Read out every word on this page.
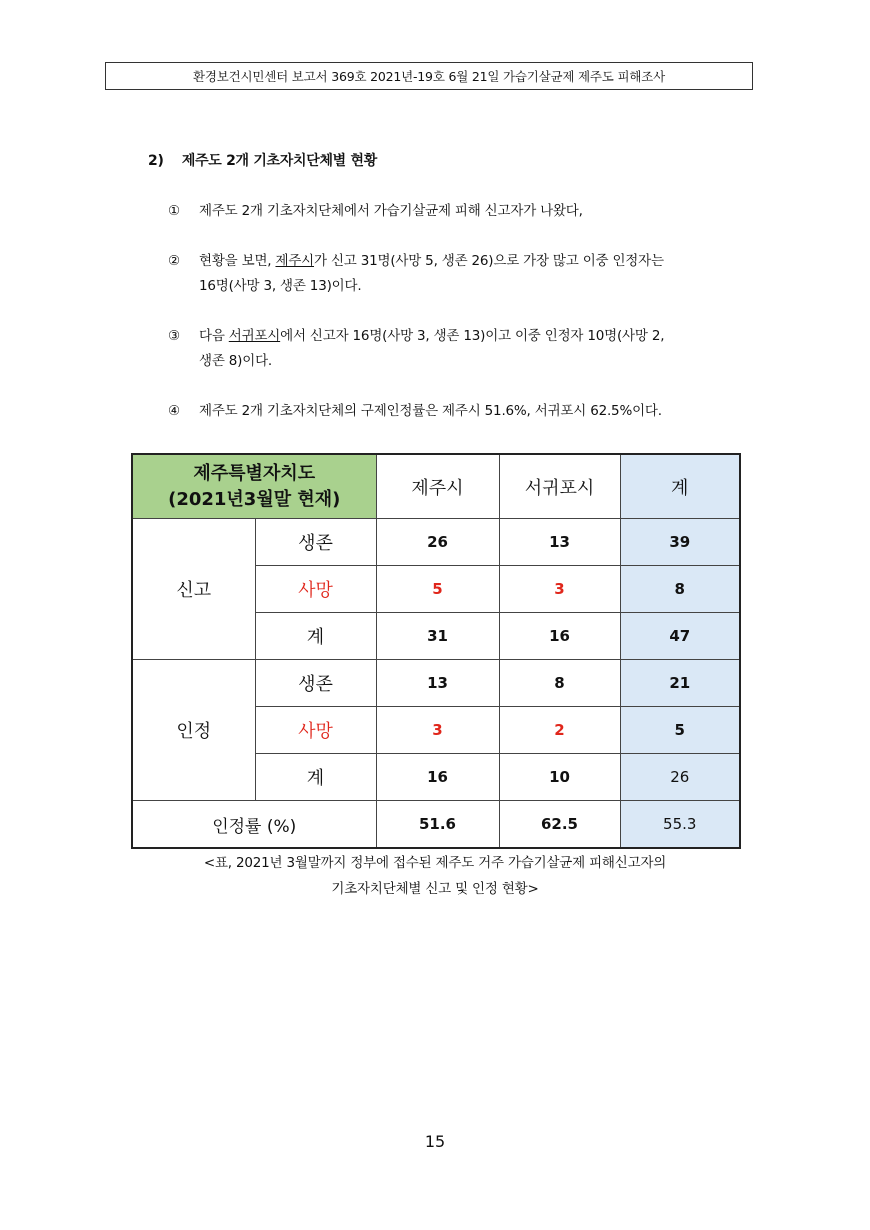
환경보건시민센터 보고서 369호 2021년-19호 6월 21일 가습기살균제 제주도 피해조사
2) 제주도 2개 기초자치단체별 현황
①	제주도 2개 기초자치단체에서 가습기살균제 피해 신고자가 나왔다,
②	현황을 보면, 제주시가 신고 31명(사망 5, 생존 26)으로 가장 많고 이중 인정자는
16명(사망 3, 생존 13)이다.
③	다음 서귀포시에서 신고자 16명(사망 3, 생존 13)이고 이중 인정자 10명(사망 2,
생존 8)이다.
④	제주도 2개 기초자치단체의 구제인정률은 제주시 51.6%, 서귀포시 62.5%이다.
제주특별자치도
(2021년3월말 현재)		제주시	서귀포시	계
신고	생존	26	13	39
	사망	5	3	8
	계	31	16	47
인정	생존	13	8	21
	사망	3	2	5
	계	16	10	26
인정률 (%)		51.6	62.5	55.3
<표, 2021년 3월말까지 정부에 접수된 제주도 거주 가습기살균제 피해신고자의
기초자치단체별 신고 및 인정 현황>
15
